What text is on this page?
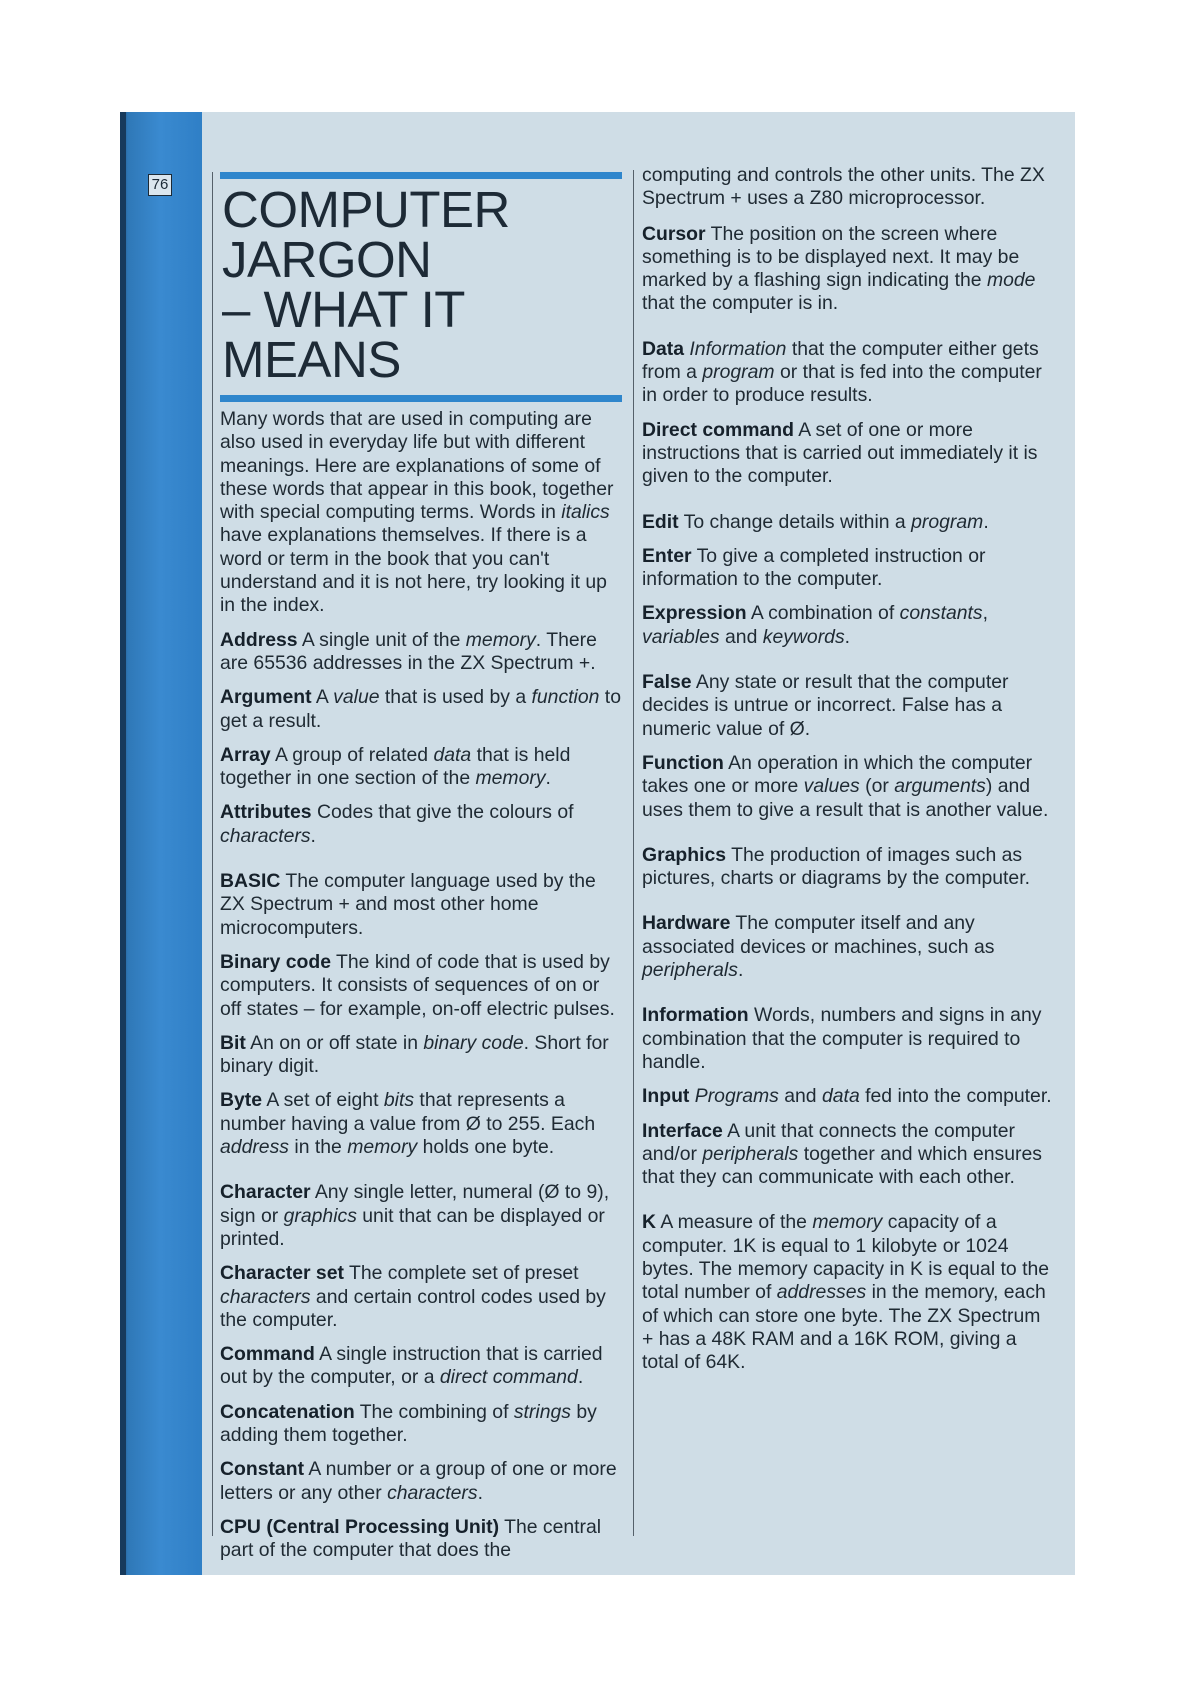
76 COMPUTER JARGON
– WHAT IT MEANS

Many words that are used in computing are also used in everyday life but with different meanings. Here are explanations of some of these words that appear in this book, together with special computing terms. Words in italics have explanations themselves. If there is a word or term in the book that you can't understand and it is not here, try looking it up in the index.

Address A single unit of the memory. There are 65536 addresses in the ZX Spectrum +.

Argument A value that is used by a function to get a result.

Array A group of related data that is held together in one section of the memory.

Attributes Codes that give the colours of characters.

BASIC The computer language used by the ZX Spectrum + and most other home microcomputers.

Binary code The kind of code that is used by computers. It consists of sequences of on or off states – for example, on-off electric pulses.

Bit An on or off state in binary code. Short for binary digit.

Byte A set of eight bits that represents a number having a value from Ø to 255. Each address in the memory holds one byte.

Character Any single letter, numeral (Ø to 9), sign or graphics unit that can be displayed or printed.

Character set The complete set of preset characters and certain control codes used by the computer.

Command A single instruction that is carried out by the computer, or a direct command.

Concatenation The combining of strings by adding them together.

Constant A number or a group of one or more letters or any other characters.

CPU (Central Processing Unit) The central part of the computer that does the

computing and controls the other units. The ZX Spectrum + uses a Z80 microprocessor.

Cursor The position on the screen where something is to be displayed next. It may be marked by a flashing sign indicating the mode that the computer is in.

Data Information that the computer either gets from a program or that is fed into the computer in order to produce results.

Direct command A set of one or more instructions that is carried out immediately it is given to the computer.

Edit To change details within a program.

Enter To give a completed instruction or information to the computer.

Expression A combination of constants, variables and keywords.

False Any state or result that the computer decides is untrue or incorrect. False has a numeric value of Ø.

Function An operation in which the computer takes one or more values (or arguments) and uses them to give a result that is another value.

Graphics The production of images such as pictures, charts or diagrams by the computer.

Hardware The computer itself and any associated devices or machines, such as peripherals.

Information Words, numbers and signs in any combination that the computer is required to handle.

Input Programs and data fed into the computer.

Interface A unit that connects the computer and/or peripherals together and which ensures that they can communicate with each other.

K A measure of the memory capacity of a computer. 1K is equal to 1 kilobyte or 1024 bytes. The memory capacity in K is equal to the total number of addresses in the memory, each of which can store one byte. The ZX Spectrum + has a 48K RAM and a 16K ROM, giving a total of 64K.
